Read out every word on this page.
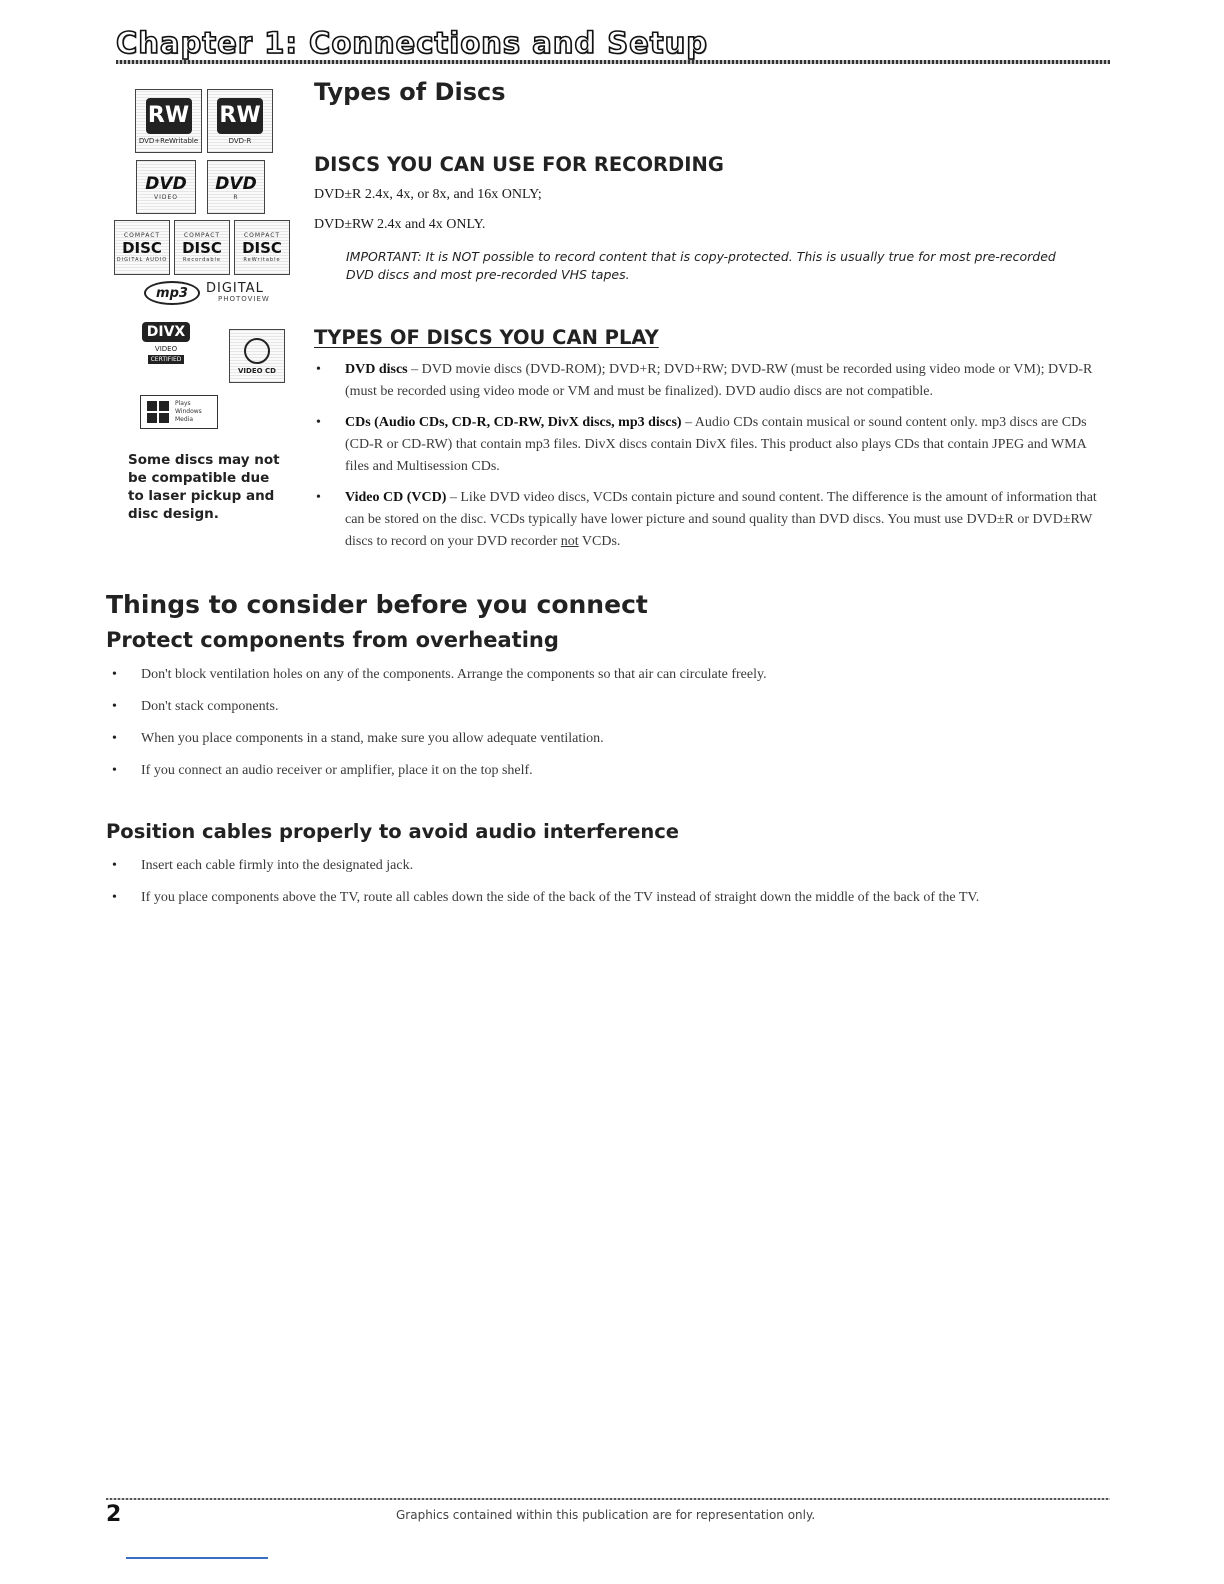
Chapter 1: Connections and Setup
RW
DVD+ReWritable
RW
DVD-R
DVD
VIDEO
DVD
R
COMPACT
DISC
DIGITAL AUDIO
COMPACT
DISC
Recordable
COMPACT
DISC
ReWritable
mp3 DIGITAL
PHOTOVIEW
DIVX
VIDEO
CERTIFIED
VIDEO CD
Plays
Windows
Media
Some discs may not be compatible due to laser pickup and disc design.
Types of Discs
DISCS YOU CAN USE FOR RECORDING
DVD±R 2.4x, 4x, or 8x, and 16x ONLY;
DVD±RW 2.4x and 4x ONLY.
IMPORTANT: It is NOT possible to record content that is copy-protected. This is usually true for most pre-recorded DVD discs and most pre-recorded VHS tapes.
TYPES OF DISCS YOU CAN PLAY
• DVD discs – DVD movie discs (DVD-ROM); DVD+R; DVD+RW; DVD-RW (must be recorded using video mode or VM); DVD-R (must be recorded using video mode or VM and must be finalized). DVD audio discs are not compatible.
• CDs (Audio CDs, CD-R, CD-RW, DivX discs, mp3 discs) – Audio CDs contain musical or sound content only. mp3 discs are CDs (CD-R or CD-RW) that contain mp3 files. DivX discs contain DivX files. This product also plays CDs that contain JPEG and WMA files and Multisession CDs.
• Video CD (VCD) – Like DVD video discs, VCDs contain picture and sound content. The difference is the amount of information that can be stored on the disc. VCDs typically have lower picture and sound quality than DVD discs. You must use DVD±R or DVD±RW discs to record on your DVD recorder not VCDs.
Things to consider before you connect
Protect components from overheating
• Don't block ventilation holes on any of the components. Arrange the components so that air can circulate freely.
• Don't stack components.
• When you place components in a stand, make sure you allow adequate ventilation.
• If you connect an audio receiver or amplifier, place it on the top shelf.
Position cables properly to avoid audio interference
• Insert each cable firmly into the designated jack.
• If you place components above the TV, route all cables down the side of the back of the TV instead of straight down the middle of the back of the TV.
2	Graphics contained within this publication are for representation only.
